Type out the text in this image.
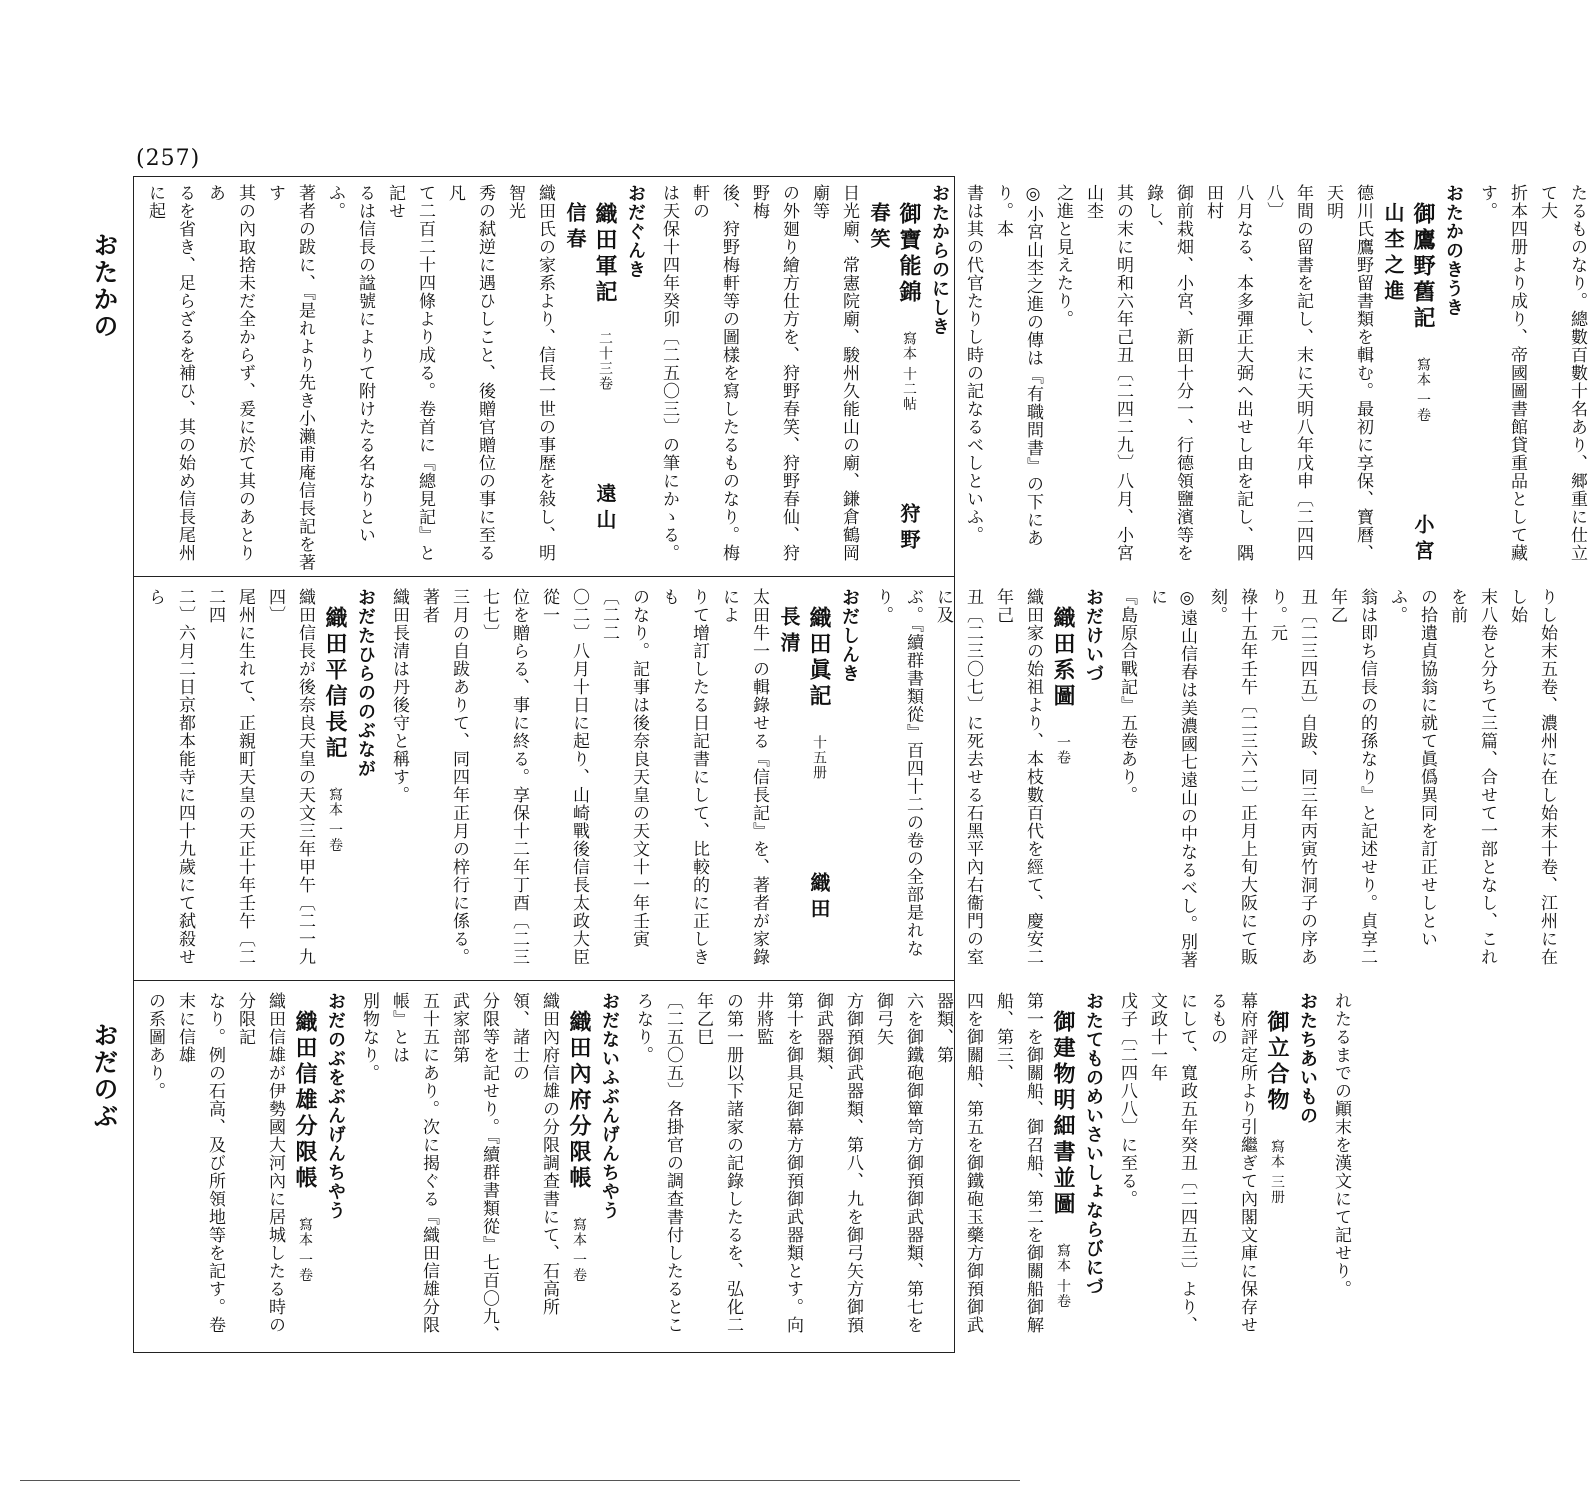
(257)
おたかの
おだのぶ

たるものなり。總數百數十名あり、郷重に仕立て大

折本四册より成り、帝國圖書館貸重品として藏す。

おたかのきうき

御鷹野舊記　寫本 一卷　　小宮山杢之進

德川氏鷹野留書類を輯む。最初に享保、寶曆、天明

年間の留書を記し、末に天明八年戊申〔二四四八〕

八月なる、本多彈正大弼へ出せし由を記し、隅田村

御前栽畑、小宮、新田十分一、行德領鹽濱等を錄し、

其の末に明和六年己丑〔二四二九〕八月、小宮山杢

之進と見えたり。

◎小宮山杢之進の傳は『有職問書』の下にあり。本

書は其の代官たりし時の記なるべしといふ。

おたからのにしき

御寶能錦　寫本 十二帖　　狩野　春笑

日光廟、常憲院廟、駿州久能山の廟、鎌倉鶴岡廟等

の外廻り繪方仕方を、狩野春笑、狩野春仙、狩野梅

後、狩野梅軒等の圖樣を寫したるものなり。梅軒の

は天保十四年癸卯〔二五〇三〕の筆にかゝる。

おだぐんき

織田軍記　二十三卷　　遠山　信春

織田氏の家系より、信長一世の事歷を敍し、明智光

秀の弑逆に遇ひしこと、後贈官贈位の事に至る凡

て二百二十四條より成る。卷首に『總見記』と記せ

るは信長の諡號によりて附けたる名なりといふ。

著者の跋に、『是れより先き小瀨甫庵信長記を著す

其の內取捨未だ全からず、爰に於て其のあとりあ

るを省き、足らざるを補ひ、其の始め信長尾州に起

りし始末五卷、濃州に在し始末十卷、江州に在し始

末八卷と分ちて三篇、合せて一部となし、これを前

の拾遺貞協翁に就て眞僞異同を訂正せしといふ。

翁は即ち信長の的孫なり』と記述せり。貞享二年乙

丑〔二三四五〕自跋、同三年丙寅竹洞子の序あり。元

祿十五年壬午〔二三六二〕正月上旬大阪にて販刻。

◎遠山信春は美濃國七遠山の中なるべし。別著に

『島原合戰記』五卷あり。

おだけいづ

織田系圖　一卷

織田家の始祖より、本枝數百代を經て、慶安二年己

丑〔二三〇七〕に死去せる石黑平內右衞門の室に及

ぶ。『續群書類從』百四十二の卷の全部是れなり。

おだしんき

織田眞記　十五册　　織田　長清

太田牛一の輯錄せる『信長記』を、著者が家錄によ

りて增訂したる日記書にして、比較的に正しきも

のなり。記事は後奈良天皇の天文十一年壬寅〔二二

〇二〕八月十日に起り、山崎戰後信長太政大臣從一

位を贈らる、事に終る。享保十二年丁酉〔二三七七〕

三月の自跋ありて、同四年正月の梓行に係る。著者

織田長清は丹後守と稱す。

おだたひらののぶなが

織田平信長記　寫本 一卷

織田信長が後奈良天皇の天文三年甲午〔二一九四〕

尾州に生れて、正親町天皇の天正十年壬午〔二二四

二〕六月二日京都本能寺に四十九歲にて弑殺せら

れたるまでの顚末を漢文にて記せり。

おたちあいもの

御立合物　寫本 三册

幕府評定所より引繼ぎて內閣文庫に保存せるもの

にして、寬政五年癸丑〔二四五三〕より、文政十一年

戊子〔二四八八〕に至る。

おたてものめいさいしょならびにづ

御建物明細書並圖　寫本 十卷

第一を御關船、御召船、第二を御關船御解船、第三、

四を御關船、第五を御鐵砲玉藥方御預御武器類、第

六を御鐵砲御簞笥方御預御武器類、第七を御弓矢

方御預御武器類、第八、九を御弓矢方御預御武器類、

第十を御具足御幕方御預御武器類とす。向井將監

の第一册以下諸家の記錄したるを、弘化二年乙巳

〔二五〇五〕各掛官の調查書付したるところなり。

おだないふぶんげんちやう

織田內府分限帳　寫本 一卷

織田內府信雄の分限調查書にて、石高所領、諸士の

分限等を記せり。『續群書類從』七百〇九、武家部第

五十五にあり。次に揭ぐる『織田信雄分限帳』とは

別物なり。

おだのぶをぶんげんちやう

織田信雄分限帳　寫本 一卷

織田信雄が伊勢國大河內に居城したる時の分限記

なり。例の石高、及び所領地等を記す。卷末に信雄

の系圖あり。
